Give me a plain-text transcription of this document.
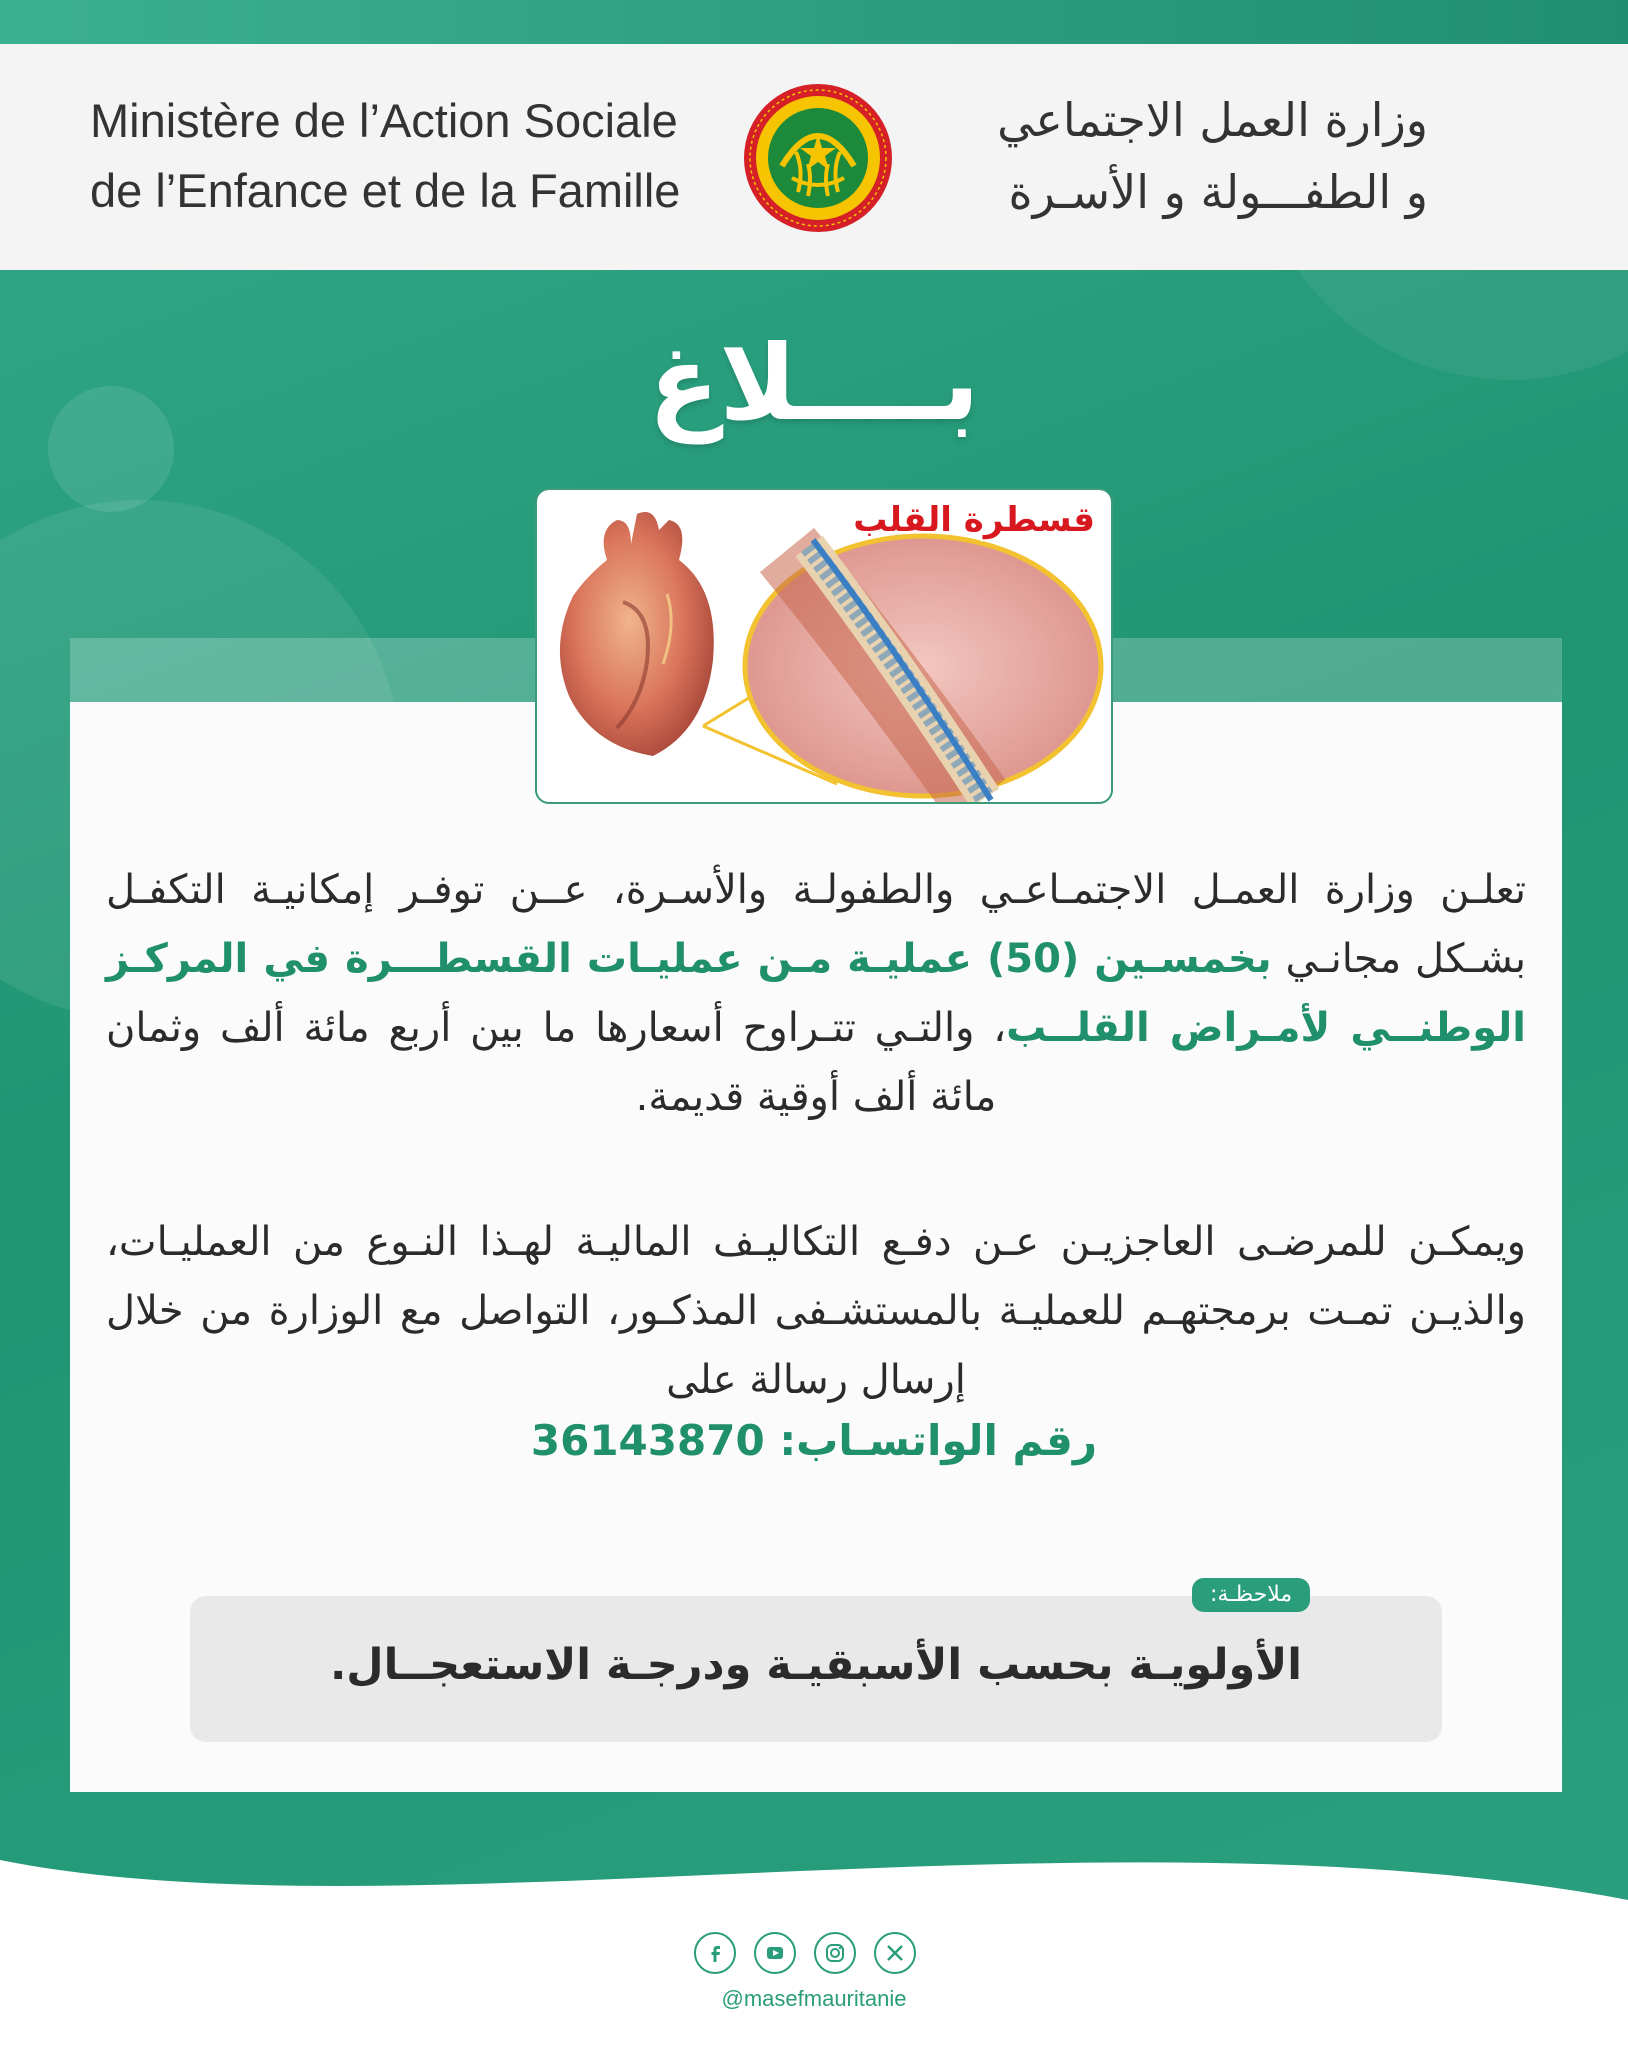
Ministère de l’Action Sociale
de l’Enfance et de la Famille
وزارة العمل الاجتماعي
و الطفـــولة و الأسـرة
بــــلاغ
قسطرة القلب
تعلـن وزارة العمـل الاجتمـاعـي والطفولـة والأسـرة، عــن توفـر إمكانيـة التكفـل بشـكل مجانـي بخمسـين (50) عمليـة مـن عمليـات القسطـــرة في المركـز الوطنــي لأمـراض القلــب، والتـي تتـراوح أسعارها ما بين أربع مائة ألف وثمان مائة ألف أوقية قديمة.
ويمكـن للمرضـى العاجزيـن عـن دفـع التكاليـف الماليـة لهـذا النـوع من العمليـات، والذيـن تمـت برمجتهـم للعمليـة بالمستشـفى المذكـور، التواصل مع الوزارة من خلال إرسال رسالة على
رقم الواتسـاب: 36143870
الأولويـة بحسب الأسبقيـة ودرجـة الاستعجــال.
ملاحظـة:
@masefmauritanie
